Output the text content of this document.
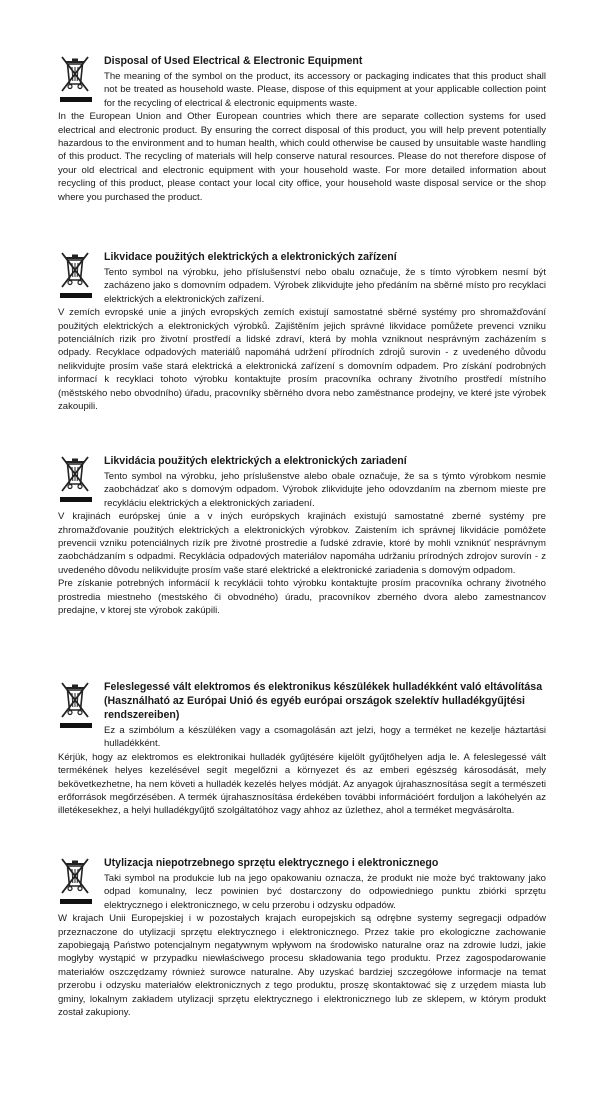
Disposal of Used Electrical & Electronic Equipment
The meaning of the symbol on the product, its accessory or packaging indicates that this product shall not be treated as household waste. Please, dispose of this equipment at your applicable collection point for the recycling of electrical & electronic equipments waste.
In the European Union and Other European countries which there are separate collection systems for used electrical and electronic product. By ensuring the correct disposal of this product, you will help prevent potentially hazardous to the environment and to human health, which could otherwise be caused by unsuitable waste handling of this product. The recycling of materials will help conserve natural resources. Please do not therefore dispose of your old electrical and electronic equipment with your household waste. For more detailed information about recycling of this product, please contact your local city office, your household waste disposal service or the shop where you purchased the product.
Likvidace použitých elektrických a elektronických zařízení
Tento symbol na výrobku, jeho příslušenství nebo obalu označuje, že s tímto výrobkem nesmí být zacházeno jako s domovním odpadem. Výrobek zlikvidujte jeho předáním na sběrné místo pro recyklaci elektrických a elektronických zařízení.
V zemích evropské unie a jiných evropských zemích existují samostatné sběrné systémy pro shromažďování použitých elektrických a elektronických výrobků. Zajištěním jejich správné likvidace pomůžete prevenci vzniku potenciálních rizik pro životní prostředí a lidské zdraví, která by mohla vzniknout nesprávným zacházením s odpady. Recyklace odpadových materiálů napomáhá udržení přírodních zdrojů surovin - z uvedeného důvodu nelikvidujte prosím vaše stará elektrická a elektronická zařízení s domovním odpadem. Pro získání podrobných informací k recyklaci tohoto výrobku kontaktujte prosím pracovníka ochrany životního prostředí místního (městského nebo obvodního) úřadu, pracovníky sběrného dvora nebo zaměstnance prodejny, ve které jste výrobek zakoupili.
Likvidácia použitých elektrických a elektronických zariadení
Tento symbol na výrobku, jeho príslušenstve alebo obale označuje, že sa s týmto výrobkom nesmie zaobchádzať ako s domovým odpadom. Výrobok zlikvidujte jeho odovzdaním na zbernom mieste pre recykláciu elektrických a elektronických zariadení.
V krajinách európskej únie a v iných európskych krajinách existujú samostatné zberné systémy pre zhromažďovanie použitých elektrických a elektronických výrobkov. Zaistením ich správnej likvidácie pomôžete prevencii vzniku potenciálnych rizík pre životné prostredie a ľudské zdravie, ktoré by mohli vzniknúť nesprávnym zaobchádzaním s odpadmi. Recyklácia odpadových materiálov napomáha udržaniu prírodných zdrojov surovín - z uvedeného dôvodu nelikvidujte prosím vaše staré elektrické a elektronické zariadenia s domovým odpadom.
Pre získanie potrebných informácií k recyklácii tohto výrobku kontaktujte prosím pracovníka ochrany životného prostredia miestneho (mestského či obvodného) úradu, pracovníkov zberného dvora alebo zamestnancov predajne, v ktorej ste výrobok zakúpili.
Feleslegessé vált elektromos és elektronikus készülékek hulladékként való eltávolítása (Használható az Európai Unió és egyéb európai országok szelektív hulladékgyűjtési rendszereiben)
Ez a szimbólum a készüléken vagy a csomagolásán azt jelzi, hogy a terméket ne kezelje háztartási hulladékként.
Kérjük, hogy az elektromos es elektronikai hulladék gyűjtésére kijelölt gyűjtőhelyen adja le. A feleslegessé vált termékének helyes kezelésével segít megelőzni a környezet és az emberi egészség károsodását, mely bekövetkezhetne, ha nem követi a hulladék kezelés helyes módját. Az anyagok újrahasznosítása segít a természeti erőforrások megőrzésében. A termék újrahasznosítása érdekében további információért forduljon a lakóhelyén az illetékesekhez, a helyi hulladékgyűjtő szolgáltatóhoz vagy ahhoz az üzlethez, ahol a terméket megvásárolta.
Utylizacja niepotrzebnego sprzętu elektrycznego i elektronicznego
Taki symbol na produkcie lub na jego opakowaniu oznacza, że produkt nie może być traktowany jako odpad komunalny, lecz powinien być dostarczony do odpowiedniego punktu zbiórki sprzętu elektrycznego i elektronicznego, w celu przerobu i odzysku odpadów.
W krajach Unii Europejskiej i w pozostałych krajach europejskich są odrębne systemy segregacji odpadów przeznaczone do utylizacji sprzętu elektrycznego i elektronicznego. Przez takie pro ekologiczne zachowanie zapobiegają Państwo potencjalnym negatywnym wpływom na środowisko naturalne oraz na zdrowie ludzi, jakie mogłyby wystąpić w przypadku niewłaściwego procesu składowania tego produktu. Przez zagospodarowanie materiałów oszczędzamy również surowce naturalne. Aby uzyskać bardziej szczegółowe informacje na temat przerobu i odzysku materiałów elektronicznych z tego produktu, proszę skontaktować się z urzędem miasta lub gminy, lokalnym zakładem utylizacji sprzętu elektrycznego i elektronicznego lub ze sklepem, w którym produkt został zakupiony.
